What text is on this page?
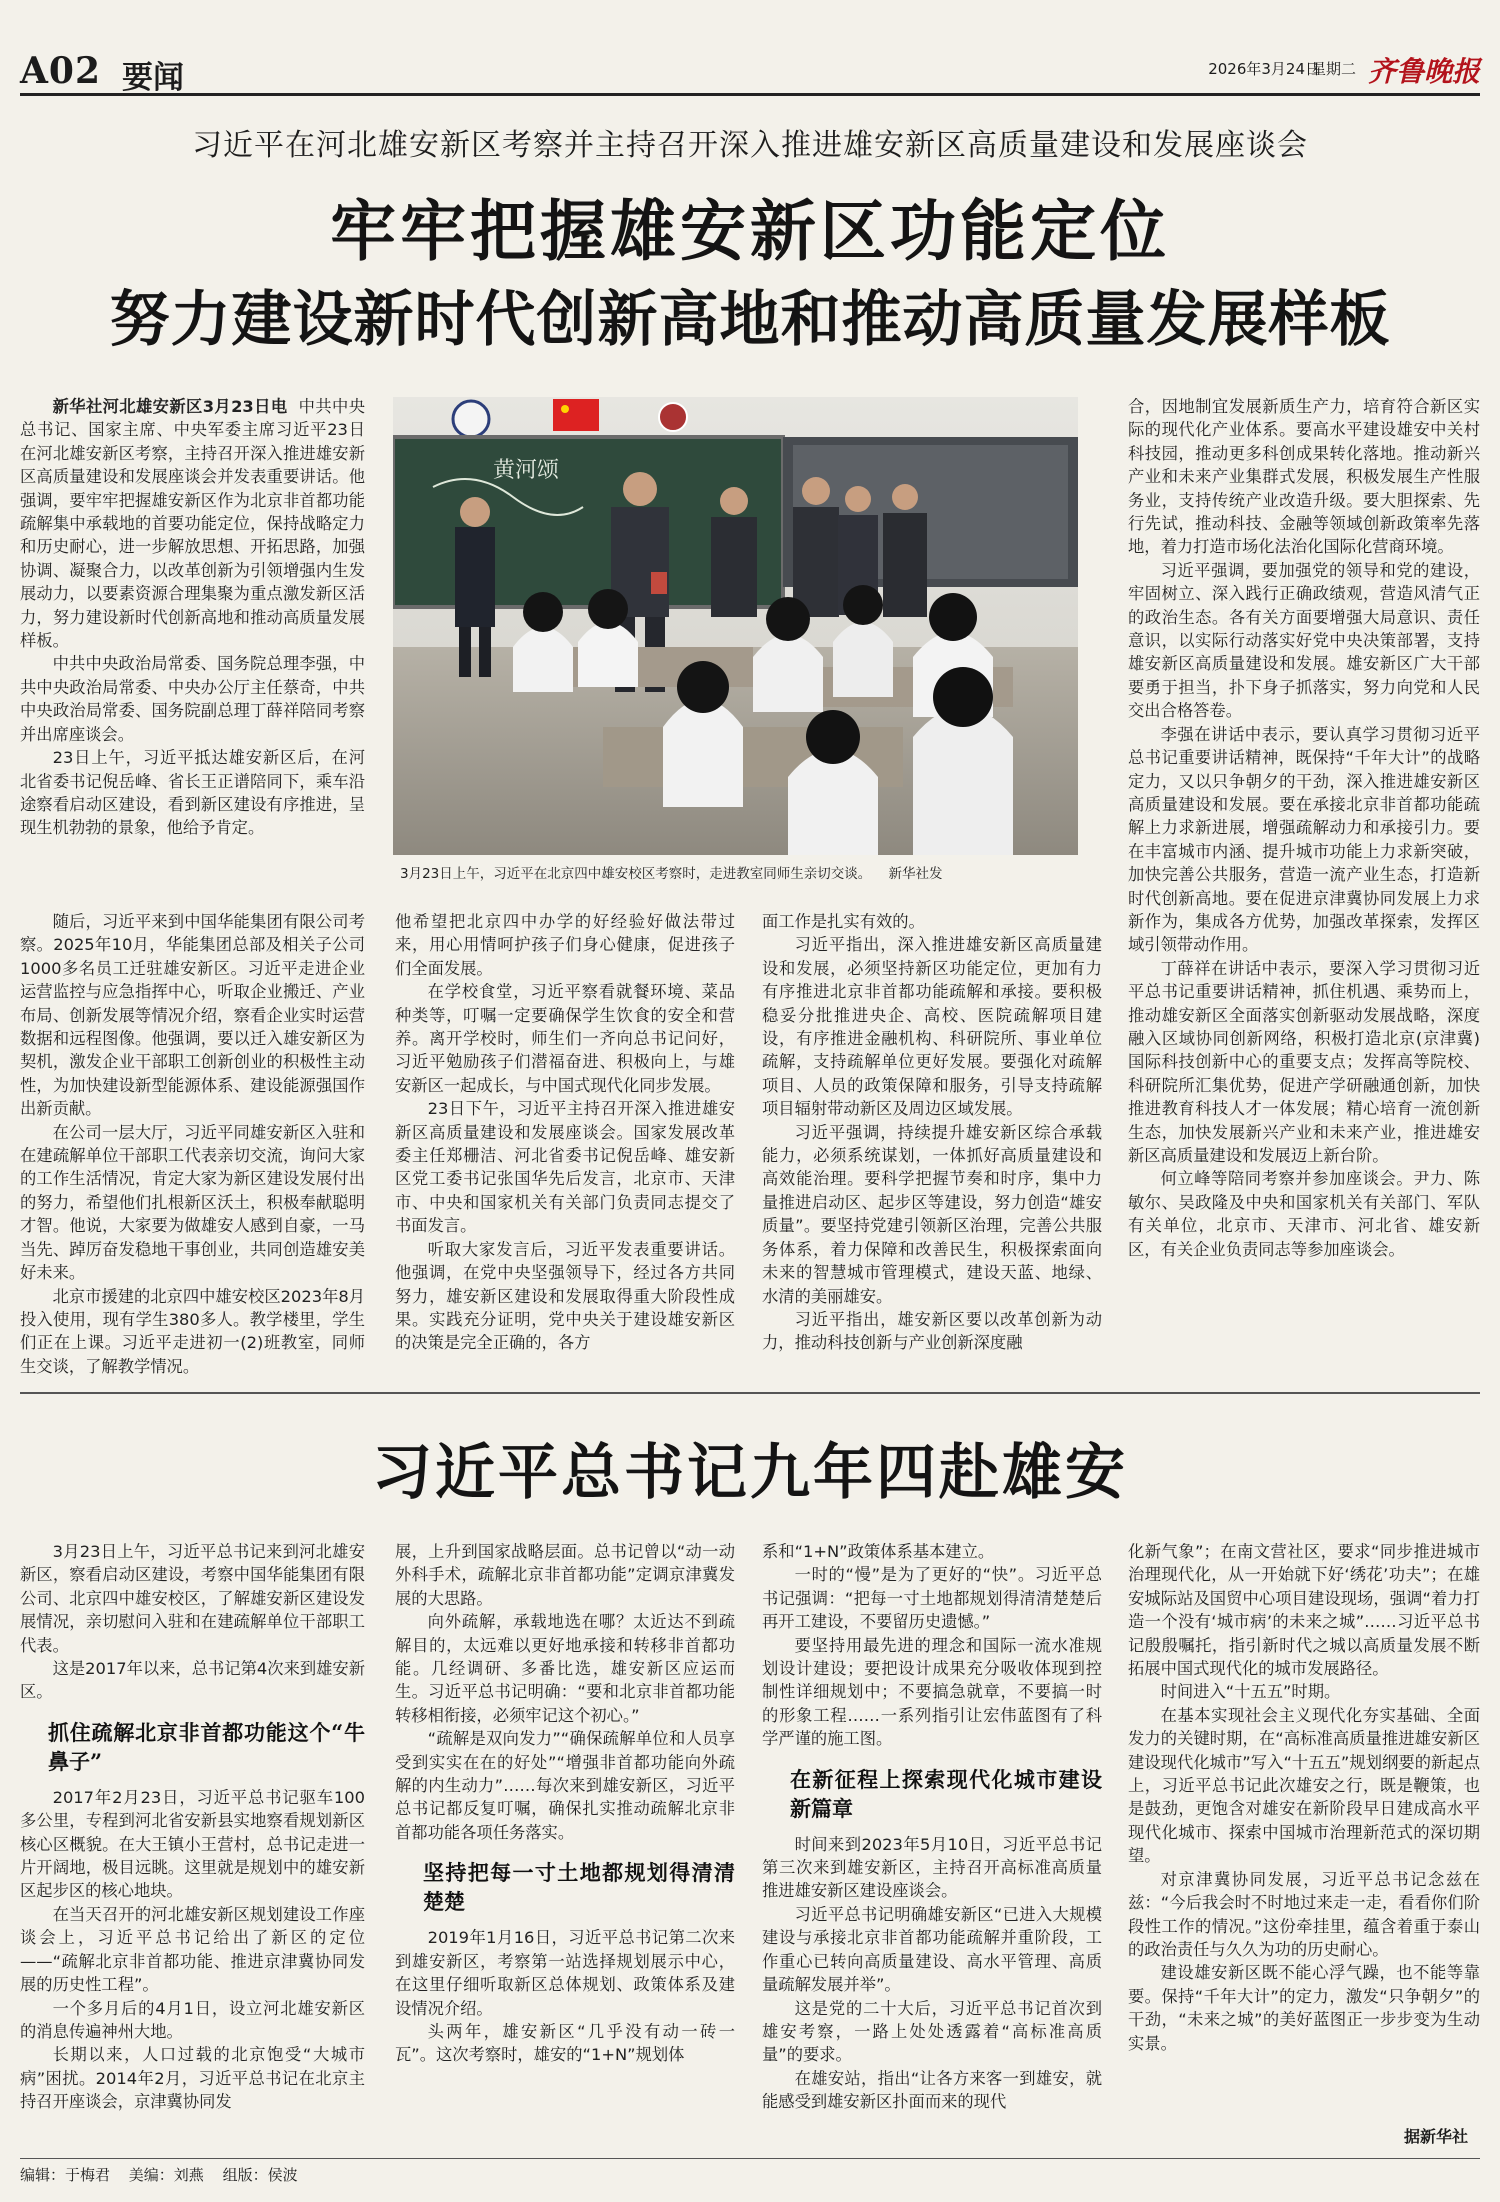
A02 要闻	2026年3月24日
星期二 齐鲁晚报
习近平在河北雄安新区考察并主持召开深入推进雄安新区高质量建设和发展座谈会
牢牢把握雄安新区功能定位
努力建设新时代创新高地和推动高质量发展样板

新华社河北雄安新区3月23日电 中共中央总书记、国家主席、中央军委主席习近平23日在河北雄安新区考察，主持召开深入推进雄安新区高质量建设和发展座谈会并发表重要讲话。他强调，要牢牢把握雄安新区作为北京非首都功能疏解集中承载地的首要功能定位，保持战略定力和历史耐心，进一步解放思想、开拓思路，加强协调、凝聚合力，以改革创新为引领增强内生发展动力，以要素资源合理集聚为重点激发新区活力，努力建设新时代创新高地和推动高质量发展样板。

中共中央政治局常委、国务院总理李强，中共中央政治局常委、中央办公厅主任蔡奇，中共中央政治局常委、国务院副总理丁薛祥陪同考察并出席座谈会。

23日上午，习近平抵达雄安新区后，在河北省委书记倪岳峰、省长王正谱陪同下，乘车沿途察看启动区建设，看到新区建设有序推进，呈现生机勃勃的景象，他给予肯定。

黄河颂
3月23日上午，习近平在北京四中雄安校区考察时，走进教室同师生亲切交谈。 新华社发

随后，习近平来到中国华能集团有限公司考察。2025年10月，华能集团总部及相关子公司1000多名员工迁驻雄安新区。习近平走进企业运营监控与应急指挥中心，听取企业搬迁、产业布局、创新发展等情况介绍，察看企业实时运营数据和远程图像。他强调，要以迁入雄安新区为契机，激发企业干部职工创新创业的积极性主动性，为加快建设新型能源体系、建设能源强国作出新贡献。

在公司一层大厅，习近平同雄安新区入驻和在建疏解单位干部职工代表亲切交流，询问大家的工作生活情况，肯定大家为新区建设发展付出的努力，希望他们扎根新区沃土，积极奉献聪明才智。他说，大家要为做雄安人感到自豪，一马当先、踔厉奋发稳地干事创业，共同创造雄安美好未来。

北京市援建的北京四中雄安校区2023年8月投入使用，现有学生380多人。教学楼里，学生们正在上课。习近平走进初一(2)班教室，同师生交谈，了解教学情况。

他希望把北京四中办学的好经验好做法带过来，用心用情呵护孩子们身心健康，促进孩子们全面发展。

在学校食堂，习近平察看就餐环境、菜品种类等，叮嘱一定要确保学生饮食的安全和营养。离开学校时，师生们一齐向总书记问好，习近平勉励孩子们潜福奋进、积极向上，与雄安新区一起成长，与中国式现代化同步发展。

23日下午，习近平主持召开深入推进雄安新区高质量建设和发展座谈会。国家发展改革委主任郑栅洁、河北省委书记倪岳峰、雄安新区党工委书记张国华先后发言，北京市、天津市、中央和国家机关有关部门负责同志提交了书面发言。

听取大家发言后，习近平发表重要讲话。他强调，在党中央坚强领导下，经过各方共同努力，雄安新区建设和发展取得重大阶段性成果。实践充分证明，党中央关于建设雄安新区的决策是完全正确的，各方

面工作是扎实有效的。

习近平指出，深入推进雄安新区高质量建设和发展，必须坚持新区功能定位，更加有力有序推进北京非首都功能疏解和承接。要积极稳妥分批推进央企、高校、医院疏解项目建设，有序推进金融机构、科研院所、事业单位疏解，支持疏解单位更好发展。要强化对疏解项目、人员的政策保障和服务，引导支持疏解项目辐射带动新区及周边区域发展。

习近平强调，持续提升雄安新区综合承载能力，必须系统谋划，一体抓好高质量建设和高效能治理。要科学把握节奏和时序，集中力量推进启动区、起步区等建设，努力创造“雄安质量”。要坚持党建引领新区治理，完善公共服务体系，着力保障和改善民生，积极探索面向未来的智慧城市管理模式，建设天蓝、地绿、水清的美丽雄安。

习近平指出，雄安新区要以改革创新为动力，推动科技创新与产业创新深度融

合，因地制宜发展新质生产力，培育符合新区实际的现代化产业体系。要高水平建设雄安中关村科技园，推动更多科创成果转化落地。推动新兴产业和未来产业集群式发展，积极发展生产性服务业，支持传统产业改造升级。要大胆探索、先行先试，推动科技、金融等领域创新政策率先落地，着力打造市场化法治化国际化营商环境。

习近平强调，要加强党的领导和党的建设，牢固树立、深入践行正确政绩观，营造风清气正的政治生态。各有关方面要增强大局意识、责任意识，以实际行动落实好党中央决策部署，支持雄安新区高质量建设和发展。雄安新区广大干部要勇于担当，扑下身子抓落实，努力向党和人民交出合格答卷。

李强在讲话中表示，要认真学习贯彻习近平总书记重要讲话精神，既保持“千年大计”的战略定力，又以只争朝夕的干劲，深入推进雄安新区高质量建设和发展。要在承接北京非首都功能疏解上力求新进展，增强疏解动力和承接引力。要在丰富城市内涵、提升城市功能上力求新突破，加快完善公共服务，营造一流产业生态，打造新时代创新高地。要在促进京津冀协同发展上力求新作为，集成各方优势，加强改革探索，发挥区域引领带动作用。

丁薛祥在讲话中表示，要深入学习贯彻习近平总书记重要讲话精神，抓住机遇、乘势而上，推动雄安新区全面落实创新驱动发展战略，深度融入区域协同创新网络，积极打造北京(京津冀)国际科技创新中心的重要支点；发挥高等院校、科研院所汇集优势，促进产学研融通创新，加快推进教育科技人才一体发展；精心培育一流创新生态，加快发展新兴产业和未来产业，推进雄安新区高质量建设和发展迈上新台阶。

何立峰等陪同考察并参加座谈会。尹力、陈敏尔、吴政隆及中央和国家机关有关部门、军队有关单位，北京市、天津市、河北省、雄安新区，有关企业负责同志等参加座谈会。

习近平总书记九年四赴雄安

3月23日上午，习近平总书记来到河北雄安新区，察看启动区建设，考察中国华能集团有限公司、北京四中雄安校区，了解雄安新区建设发展情况，亲切慰问入驻和在建疏解单位干部职工代表。

这是2017年以来，总书记第4次来到雄安新区。

抓住疏解北京非首都功能这个“牛鼻子”

2017年2月23日，习近平总书记驱车100多公里，专程到河北省安新县实地察看规划新区核心区概貌。在大王镇小王营村，总书记走进一片开阔地，极目远眺。这里就是规划中的雄安新区起步区的核心地块。

在当天召开的河北雄安新区规划建设工作座谈会上，习近平总书记给出了新区的定位——“疏解北京非首都功能、推进京津冀协同发展的历史性工程”。

一个多月后的4月1日，设立河北雄安新区的消息传遍神州大地。

长期以来，人口过载的北京饱受“大城市病”困扰。2014年2月，习近平总书记在北京主持召开座谈会，京津冀协同发

展，上升到国家战略层面。总书记曾以“动一动外科手术，疏解北京非首都功能”定调京津冀发展的大思路。

向外疏解，承载地选在哪？太近达不到疏解目的，太远难以更好地承接和转移非首都功能。几经调研、多番比选，雄安新区应运而生。习近平总书记明确：“要和北京非首都功能转移相衔接，必须牢记这个初心。”

“疏解是双向发力”“确保疏解单位和人员享受到实实在在的好处”“增强非首都功能向外疏解的内生动力”……每次来到雄安新区，习近平总书记都反复叮嘱，确保扎实推动疏解北京非首都功能各项任务落实。

坚持把每一寸土地都规划得清清楚楚

2019年1月16日，习近平总书记第二次来到雄安新区，考察第一站选择规划展示中心，在这里仔细听取新区总体规划、政策体系及建设情况介绍。

头两年，雄安新区“几乎没有动一砖一瓦”。这次考察时，雄安的“1+N”规划体

系和“1+N”政策体系基本建立。

一时的“慢”是为了更好的“快”。习近平总书记强调：“把每一寸土地都规划得清清楚楚后再开工建设，不要留历史遗憾。”

要坚持用最先进的理念和国际一流水准规划设计建设；要把设计成果充分吸收体现到控制性详细规划中；不要搞急就章，不要搞一时的形象工程……一系列指引让宏伟蓝图有了科学严谨的施工图。

在新征程上探索现代化城市建设新篇章

时间来到2023年5月10日，习近平总书记第三次来到雄安新区，主持召开高标准高质量推进雄安新区建设座谈会。

习近平总书记明确雄安新区“已进入大规模建设与承接北京非首都功能疏解并重阶段，工作重心已转向高质量建设、高水平管理、高质量疏解发展并举”。

这是党的二十大后，习近平总书记首次到雄安考察，一路上处处透露着“高标准高质量”的要求。

在雄安站，指出“让各方来客一到雄安，就能感受到雄安新区扑面而来的现代

化新气象”；在南文营社区，要求“同步推进城市治理现代化，从一开始就下好‘绣花’功夫”；在雄安城际站及国贸中心项目建设现场，强调“着力打造一个没有‘城市病’的未来之城”……习近平总书记殷殷嘱托，指引新时代之城以高质量发展不断拓展中国式现代化的城市发展路径。

时间进入“十五五”时期。

在基本实现社会主义现代化夯实基础、全面发力的关键时期，在“高标准高质量推进雄安新区建设现代化城市”写入“十五五”规划纲要的新起点上，习近平总书记此次雄安之行，既是鞭策，也是鼓劲，更饱含对雄安在新阶段早日建成高水平现代化城市、探索中国城市治理新范式的深切期望。

对京津冀协同发展，习近平总书记念兹在兹：“今后我会时不时地过来走一走，看看你们阶段性工作的情况。”这份牵挂里，蕴含着重于泰山的政治责任与久久为功的历史耐心。

建设雄安新区既不能心浮气躁，也不能等靠要。保持“千年大计”的定力，激发“只争朝夕”的干劲，“未来之城”的美好蓝图正一步步变为生动实景。

据新华社
编辑：于梅君 美编：刘燕 组版：侯波
